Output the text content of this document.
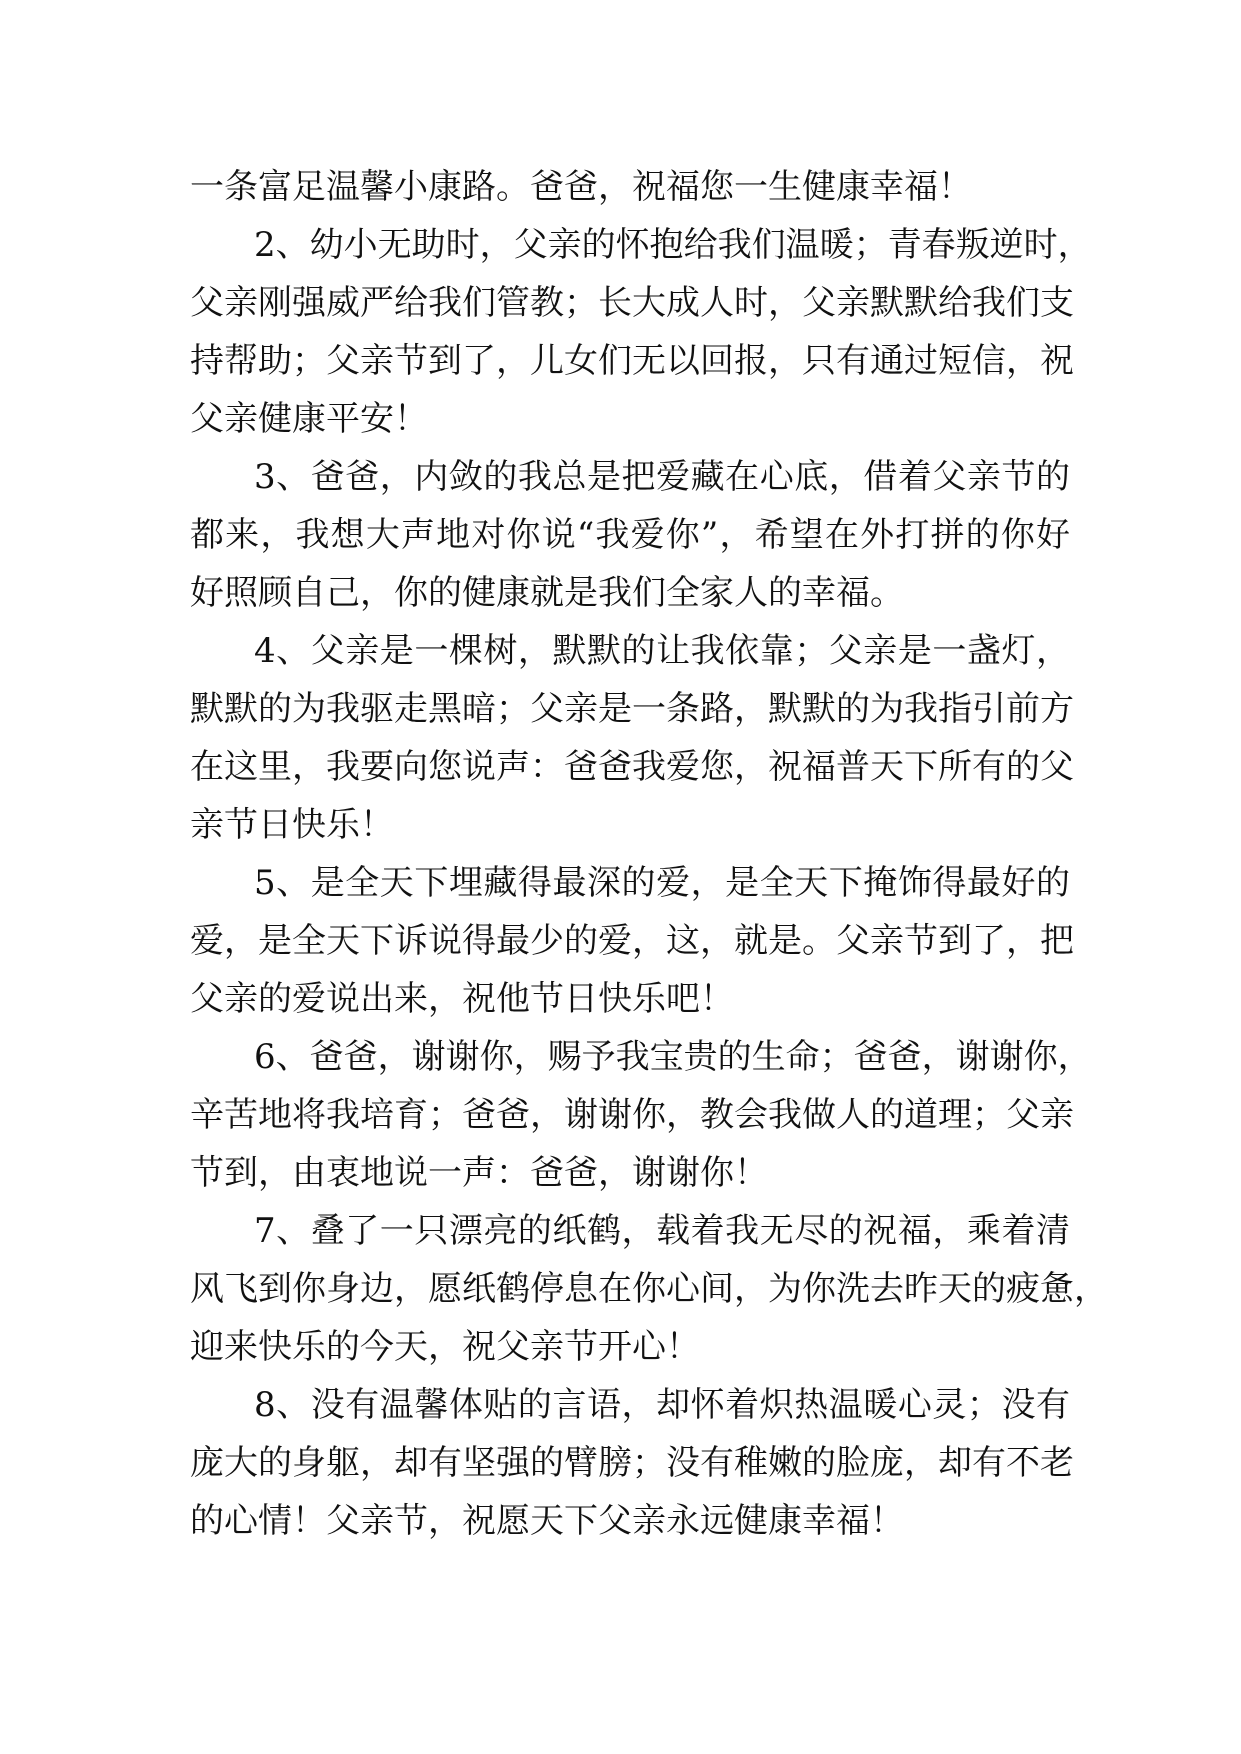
一条富足温馨小康路。爸爸，祝福您一生健康幸福！
2、幼小无助时，父亲的怀抱给我们温暖；青春叛逆时，
父亲刚强威严给我们管教；长大成人时，父亲默默给我们支
持帮助；父亲节到了，儿女们无以回报，只有通过短信，祝
父亲健康平安！
3、爸爸，内敛的我总是把爱藏在心底，借着父亲节的
都来，我想大声地对你说“我爱你”，希望在外打拼的你好
好照顾自己，你的健康就是我们全家人的幸福。
4、父亲是一棵树，默默的让我依靠；父亲是一盏灯，
默默的为我驱走黑暗；父亲是一条路，默默的为我指引前方
在这里，我要向您说声：爸爸我爱您，祝福普天下所有的父
亲节日快乐！
5、是全天下埋藏得最深的爱，是全天下掩饰得最好的
爱，是全天下诉说得最少的爱，这，就是。父亲节到了，把
父亲的爱说出来，祝他节日快乐吧！
6、爸爸，谢谢你，赐予我宝贵的生命；爸爸，谢谢你，
辛苦地将我培育；爸爸，谢谢你，教会我做人的道理；父亲
节到，由衷地说一声：爸爸，谢谢你！
7、叠了一只漂亮的纸鹤，载着我无尽的祝福，乘着清
风飞到你身边，愿纸鹤停息在你心间，为你洗去昨天的疲惫，
迎来快乐的今天，祝父亲节开心！
8、没有温馨体贴的言语，却怀着炽热温暖心灵；没有
庞大的身躯，却有坚强的臂膀；没有稚嫩的脸庞，却有不老
的心情！父亲节，祝愿天下父亲永远健康幸福！
